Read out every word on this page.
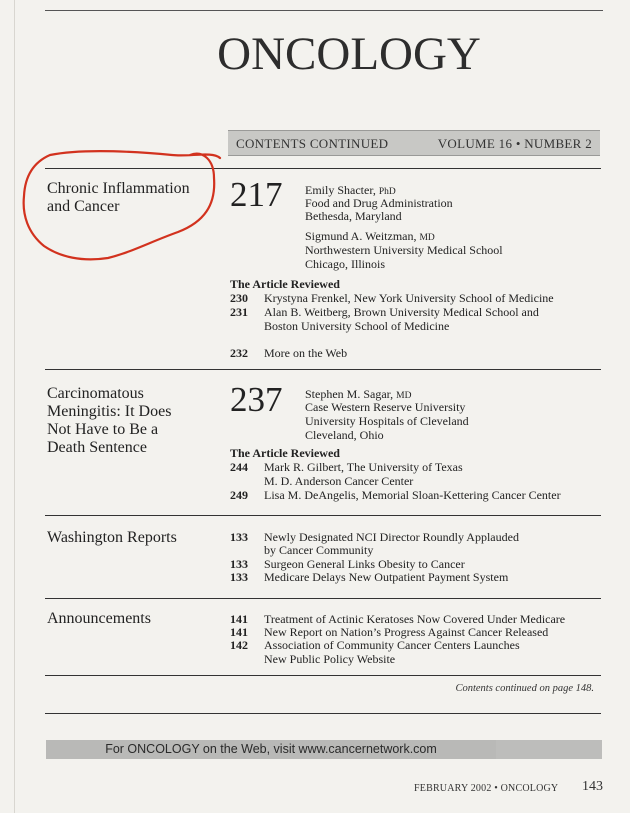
ONCOLOGY
CONTENTS CONTINUED	VOLUME 16 • NUMBER 2
Chronic Inflammation
and Cancer	217 Emily Shacter, PhD
Food and Drug Administration
Bethesda, Maryland
Sigmund A. Weitzman, MD
Northwestern University Medical School
Chicago, Illinois
The Article Reviewed
230 Krystyna Frenkel, New York University School of Medicine
231 Alan B. Weitberg, Brown University Medical School and
Boston University School of Medicine
232 More on the Web
Carcinomatous
Meningitis: It Does
Not Have to Be a
Death Sentence
237 Stephen M. Sagar, MD
Case Western Reserve University
University Hospitals of Cleveland
Cleveland, Ohio
The Article Reviewed
244 Mark R. Gilbert, The University of Texas
M. D. Anderson Cancer Center
249 Lisa M. DeAngelis, Memorial Sloan-Kettering Cancer Center
Washington Reports	133 Newly Designated NCI Director Roundly Applauded
by Cancer Community
133 Surgeon General Links Obesity to Cancer
133 Medicare Delays New Outpatient Payment System
Announcements	141 Treatment of Actinic Keratoses Now Covered Under Medicare
141 New Report on Nation’s Progress Against Cancer Released
142 Association of Community Cancer Centers Launches
New Public Policy Website
Contents continued on page 148.
For ONCOLOGY on the Web, visit www.cancernetwork.com
FEBRUARY 2002 • ONCOLOGY 143
